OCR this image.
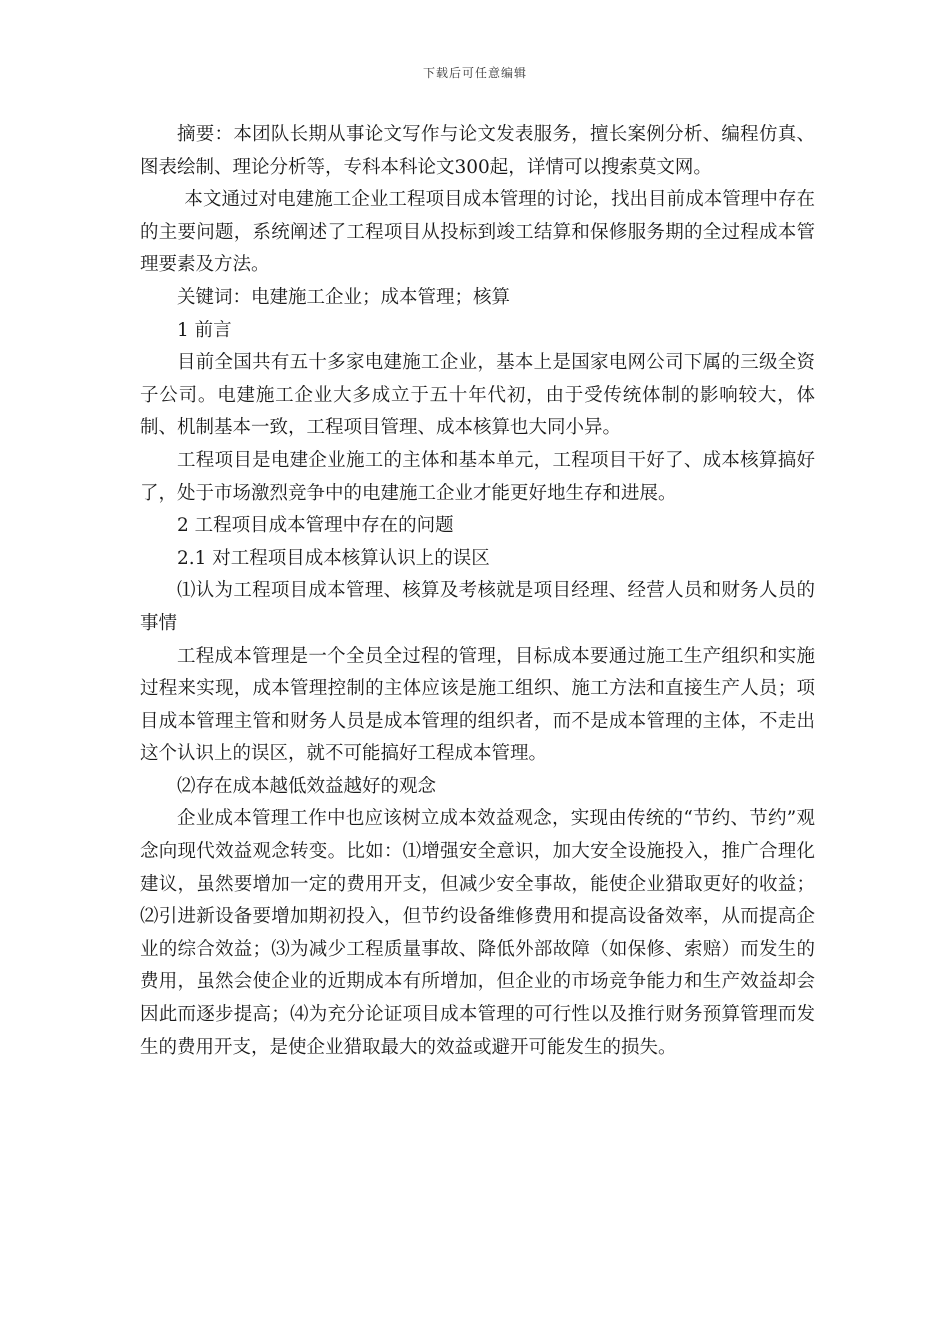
下载后可任意编辑

摘要：本团队长期从事论文写作与论文发表服务，擅长案例分析、编程仿真、图表绘制、理论分析等，专科本科论文300起，详情可以搜索莫文网。

本文通过对电建施工企业工程项目成本管理的讨论，找出目前成本管理中存在的主要问题，系统阐述了工程项目从投标到竣工结算和保修服务期的全过程成本管理要素及方法。

关键词：电建施工企业；成本管理；核算

1 前言

目前全国共有五十多家电建施工企业，基本上是国家电网公司下属的三级全资子公司。电建施工企业大多成立于五十年代初，由于受传统体制的影响较大，体制、机制基本一致，工程项目管理、成本核算也大同小异。

工程项目是电建企业施工的主体和基本单元，工程项目干好了、成本核算搞好了，处于市场激烈竞争中的电建施工企业才能更好地生存和进展。

2 工程项目成本管理中存在的问题

2.1 对工程项目成本核算认识上的误区

⑴认为工程项目成本管理、核算及考核就是项目经理、经营人员和财务人员的事情

工程成本管理是一个全员全过程的管理，目标成本要通过施工生产组织和实施过程来实现，成本管理控制的主体应该是施工组织、施工方法和直接生产人员；项目成本管理主管和财务人员是成本管理的组织者，而不是成本管理的主体，不走出这个认识上的误区，就不可能搞好工程成本管理。

⑵存在成本越低效益越好的观念

企业成本管理工作中也应该树立成本效益观念，实现由传统的“节约、节约”观念向现代效益观念转变。比如：⑴增强安全意识，加大安全设施投入，推广合理化建议，虽然要增加一定的费用开支，但减少安全事故，能使企业猎取更好的收益；⑵引进新设备要增加期初投入，但节约设备维修费用和提高设备效率，从而提高企业的综合效益；⑶为减少工程质量事故、降低外部故障（如保修、索赔）而发生的费用，虽然会使企业的近期成本有所增加，但企业的市场竞争能力和生产效益却会因此而逐步提高；⑷为充分论证项目成本管理的可行性以及推行财务预算管理而发生的费用开支，是使企业猎取最大的效益或避开可能发生的损失。
